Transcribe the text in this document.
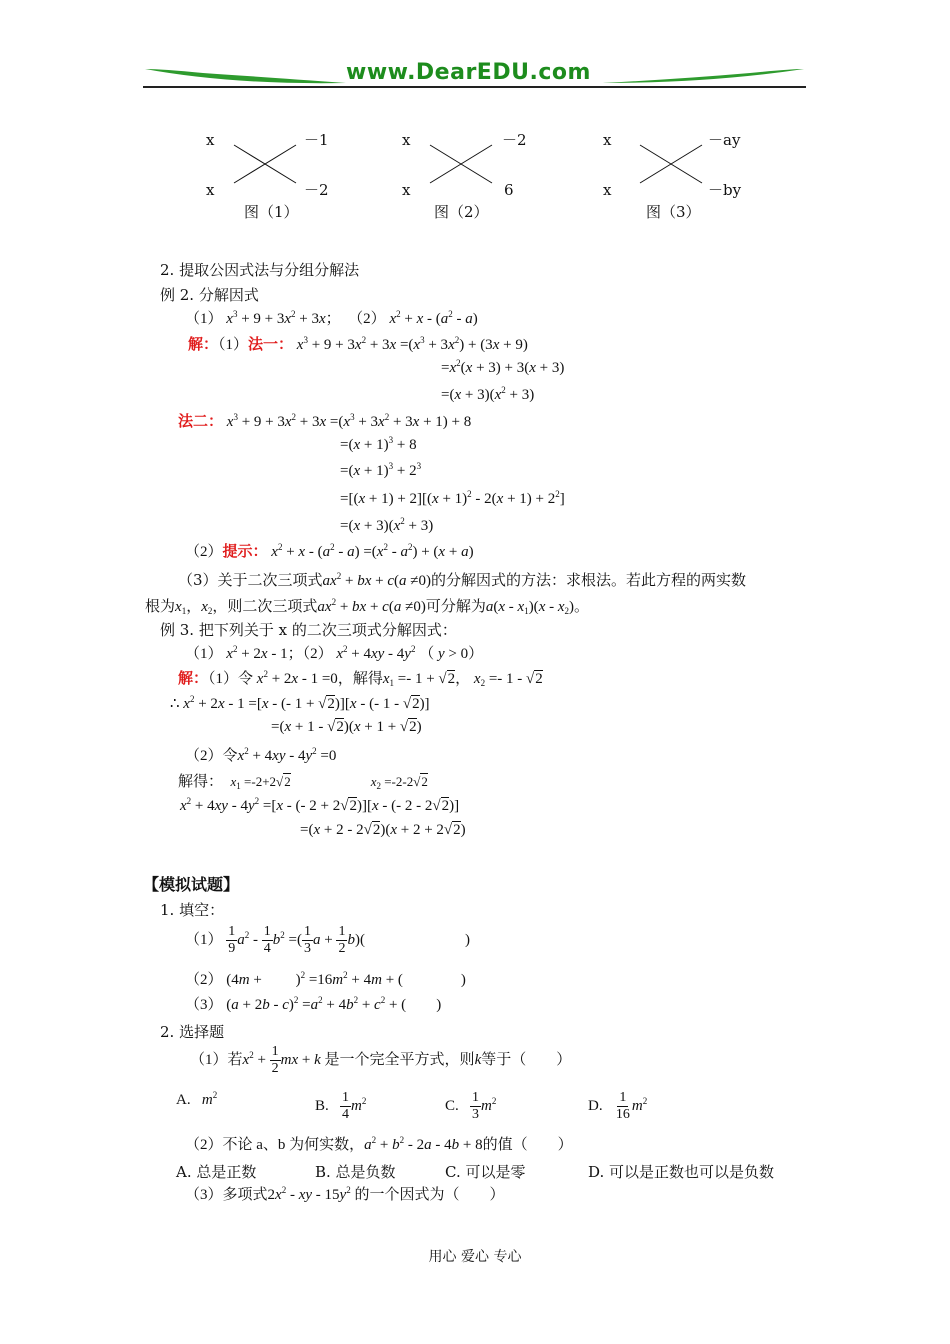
www.DearEDU.com
x
x
－1
－2
图（1）
x
x
－2
6
图（2）
x
x
－ay
－by
图（3）
2. 提取公因式法与分组分解法
例 2. 分解因式
（1） $x^3 + 9 + 3x^2 + 3x$；  （2） $x^2 + x - (a^2 - a)$
解：（1）法一： $x^3 + 9 + 3x^2 + 3x =(x^3 + 3x^2) + (3x + 9)$
$=x^2(x + 3) + 3(x + 3)$
$=(x + 3)(x^2 + 3)$
法二： $x^3 + 9 + 3x^2 + 3x =(x^3 + 3x^2 + 3x + 1) + 8$
$=(x + 1)^3 + 8$
$=(x + 1)^3 + 2^3$
$=[(x + 1) + 2][(x + 1)^2 - 2(x + 1) + 2^2]$
$=(x + 3)(x^2 + 3)$
（2）提示： $x^2 + x - (a^2 - a) =(x^2 - a^2) + (x + a)$
（3）关于二次三项式$ax^2$ + bx + c(a ≠0)的分解因式的方法：求根法。若此方程的两实数
根为$x_1$，$x_2$，则二次三项式$ax^2$ + bx + c(a ≠0)可分解为$a(x - x_1)(x - x_2)$。
例 3. 把下列关于 x 的二次三项式分解因式：
（1） $x^2 + 2x - 1$；（2） $x^2 + 4xy - 4y^2$ （ y > 0）
解：（1）令 $x^2 + 2x - 1 =0$，解得$x_1 =- 1 + √2$， $x_2 =- 1 - √2$
∴ $x^2 + 2x - 1 =[x$ - (- 1 + √2)][x - (- 1 - √2)]
=(x + 1 - √2)(x + 1 + √2)
（2）令$x^2 + 4xy - 4y^2 =0$
解得： $x_1 =-2+2√2$	$x_2 =-2-2√2$
$x^2 + 4xy - 4y^2 =[x$ - (- 2 + 2√2)][x - (- 2 - 2√2)]
=(x + 2 - 2√2)(x + 2 + 2√2)
【模拟试题】
1. 填空：
$(1) \frac{1}{9} a^2 - \frac{1}{4} b^2$ =( $\frac{1}{3}$ $a + \frac{1}{2} b$)(	)
（2） $(4m + )^2 =16m^2 + 4m$ + (	)
（3） $(a + 2b - c)^2 =a^2 + 4b^2 + c^2$ + ( )
2. 选择题
（1）若$x^2 + \frac{1}{2}$ mx + k 是一个完全平方式，则k等于（　　）
A.   $m^2$
B. $\frac{1}{4} m^2$	C. $\frac{1}{3} m^2$	D. $\frac{1}{16} m^2$
（2）不论 a、b 为何实数，$a^2 + b^2 - 2a - 4b + 8$的值（　　）
A. 总是正数	B. 总是负数	C. 可以是零	D. 可以是正数也可以是负数
（3）多项式$2x^2$ - xy - $15y^2$ 的一个因式为（　　）
用心 爱心 专心
